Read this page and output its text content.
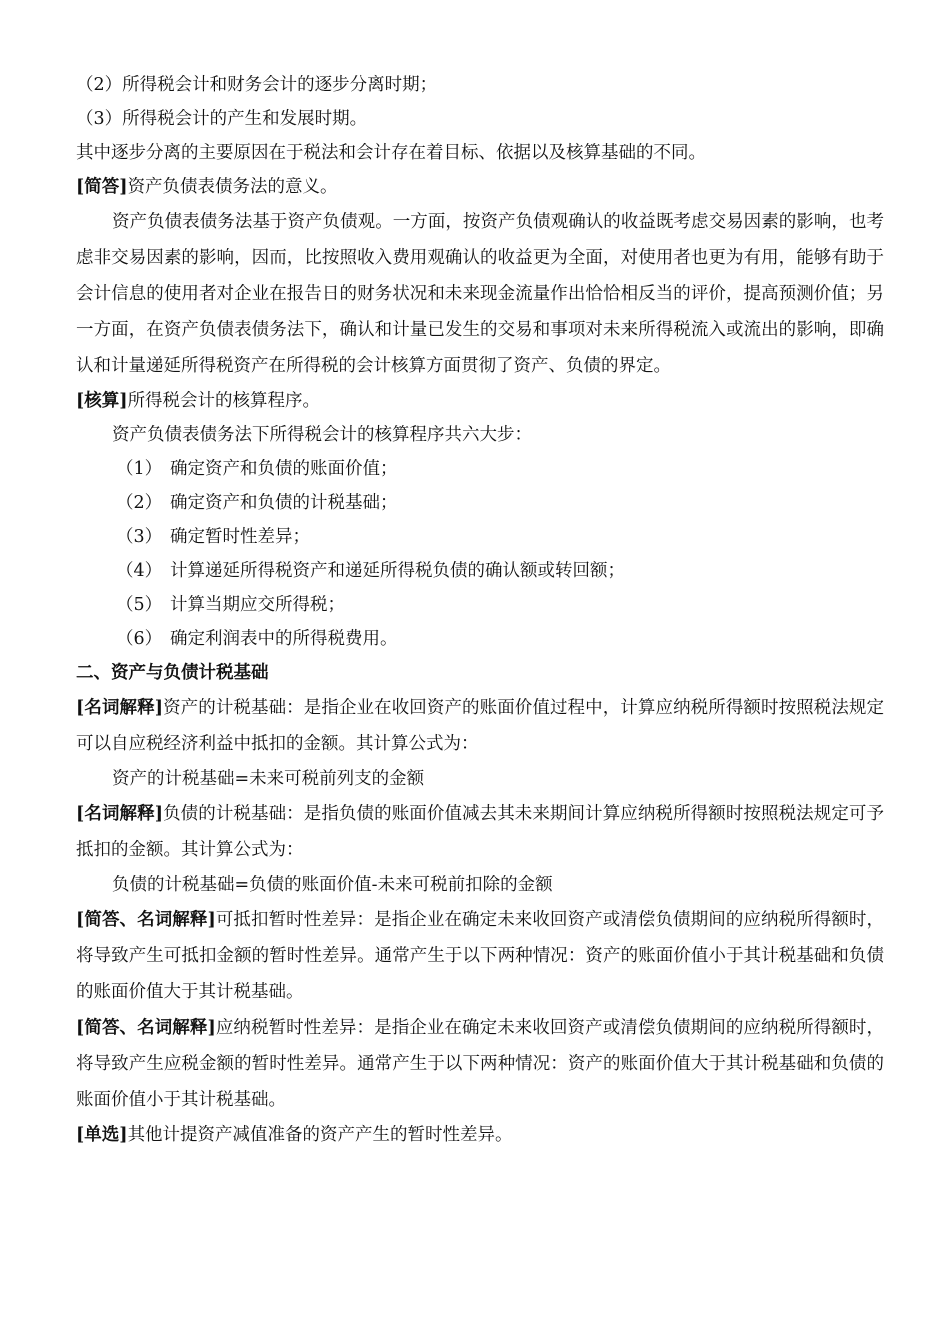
（2）所得税会计和财务会计的逐步分离时期；
（3）所得税会计的产生和发展时期。
其中逐步分离的主要原因在于税法和会计存在着目标、依据以及核算基础的不同。
[简答]资产负债表债务法的意义。
资产负债表债务法基于资产负债观。一方面，按资产负债观确认的收益既考虑交易因素的影响，也考虑非交易因素的影响，因而，比按照收入费用观确认的收益更为全面，对使用者也更为有用，能够有助于会计信息的使用者对企业在报告日的财务状况和未来现金流量作出恰恰相反当的评价，提高预测价值；另一方面，在资产负债表债务法下，确认和计量已发生的交易和事项对未来所得税流入或流出的影响，即确认和计量递延所得税资产在所得税的会计核算方面贯彻了资产、负债的界定。
[核算]所得税会计的核算程序。
资产负债表债务法下所得税会计的核算程序共六大步：
（1） 确定资产和负债的账面价值；
（2） 确定资产和负债的计税基础；
（3） 确定暂时性差异；
（4） 计算递延所得税资产和递延所得税负债的确认额或转回额；
（5） 计算当期应交所得税；
（6） 确定利润表中的所得税费用。
二、资产与负债计税基础
[名词解释]资产的计税基础：是指企业在收回资产的账面价值过程中，计算应纳税所得额时按照税法规定可以自应税经济利益中抵扣的金额。其计算公式为：
资产的计税基础=未来可税前列支的金额
[名词解释]负债的计税基础：是指负债的账面价值减去其未来期间计算应纳税所得额时按照税法规定可予抵扣的金额。其计算公式为：
负债的计税基础=负债的账面价值-未来可税前扣除的金额
[简答、名词解释]可抵扣暂时性差异：是指企业在确定未来收回资产或清偿负债期间的应纳税所得额时，将导致产生可抵扣金额的暂时性差异。通常产生于以下两种情况：资产的账面价值小于其计税基础和负债的账面价值大于其计税基础。
[简答、名词解释]应纳税暂时性差异：是指企业在确定未来收回资产或清偿负债期间的应纳税所得额时，将导致产生应税金额的暂时性差异。通常产生于以下两种情况：资产的账面价值大于其计税基础和负债的账面价值小于其计税基础。
[单选]其他计提资产减值准备的资产产生的暂时性差异。
